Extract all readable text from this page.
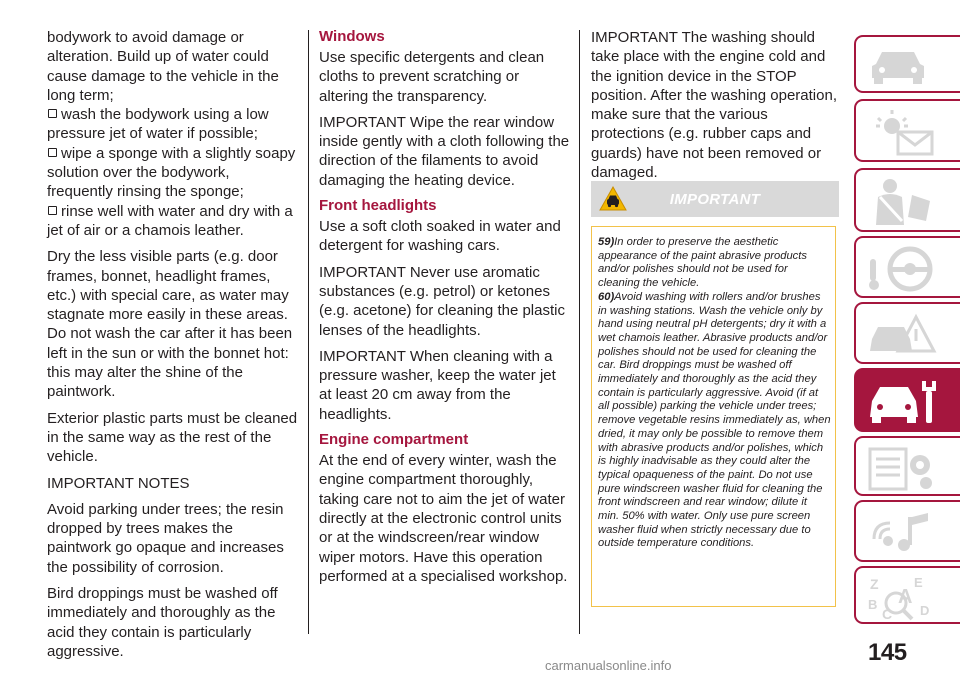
bodywork to avoid damage or alteration. Build up of water could cause damage to the vehicle in the long term;

wash the bodywork using a low pressure jet of water if possible;

wipe a sponge with a slightly soapy solution over the bodywork, frequently rinsing the sponge;

rinse well with water and dry with a jet of air or a chamois leather.

Dry the less visible parts (e.g. door frames, bonnet, headlight frames, etc.) with special care, as water may stagnate more easily in these areas. Do not wash the car after it has been left in the sun or with the bonnet hot: this may alter the shine of the paintwork.

Exterior plastic parts must be cleaned in the same way as the rest of the vehicle.

IMPORTANT NOTES

Avoid parking under trees; the resin dropped by trees makes the paintwork go opaque and increases the possibility of corrosion.

Bird droppings must be washed off immediately and thoroughly as the acid they contain is particularly aggressive.

Windows

Use specific detergents and clean cloths to prevent scratching or altering the transparency.

IMPORTANT Wipe the rear window inside gently with a cloth following the direction of the filaments to avoid damaging the heating device.

Front headlights

Use a soft cloth soaked in water and detergent for washing cars.

IMPORTANT Never use aromatic substances (e.g. petrol) or ketones (e.g. acetone) for cleaning the plastic lenses of the headlights.

IMPORTANT When cleaning with a pressure washer, keep the water jet at least 20 cm away from the headlights.

Engine compartment

At the end of every winter, wash the engine compartment thoroughly, taking care not to aim the jet of water directly at the electronic control units or at the windscreen/rear window wiper motors. Have this operation performed at a specialised workshop.

IMPORTANT The washing should take place with the engine cold and the ignition device in the STOP position. After the washing operation, make sure that the various protections (e.g. rubber caps and guards) have not been removed or damaged.

IMPORTANT

59)In order to preserve the aesthetic appearance of the paint abrasive products and/or polishes should not be used for cleaning the vehicle.

60)Avoid washing with rollers and/or brushes in washing stations. Wash the vehicle only by hand using neutral pH detergents; dry it with a wet chamois leather. Abrasive products and/or polishes should not be used for cleaning the car. Bird droppings must be washed off immediately and thoroughly as the acid they contain is particularly aggressive. Avoid (if at all possible) parking the vehicle under trees; remove vegetable resins immediately as, when dried, it may only be possible to remove them with abrasive products and/or polishes, which is highly inadvisable as they could alter the typical opaqueness of the paint. Do not use pure windscreen washer fluid for cleaning the front windscreen and rear window; dilute it min. 50% with water. Only use pure screen washer fluid when strictly necessary due to outside temperature conditions.

Z	E
B A
C D
145
carmanualsonline.info
